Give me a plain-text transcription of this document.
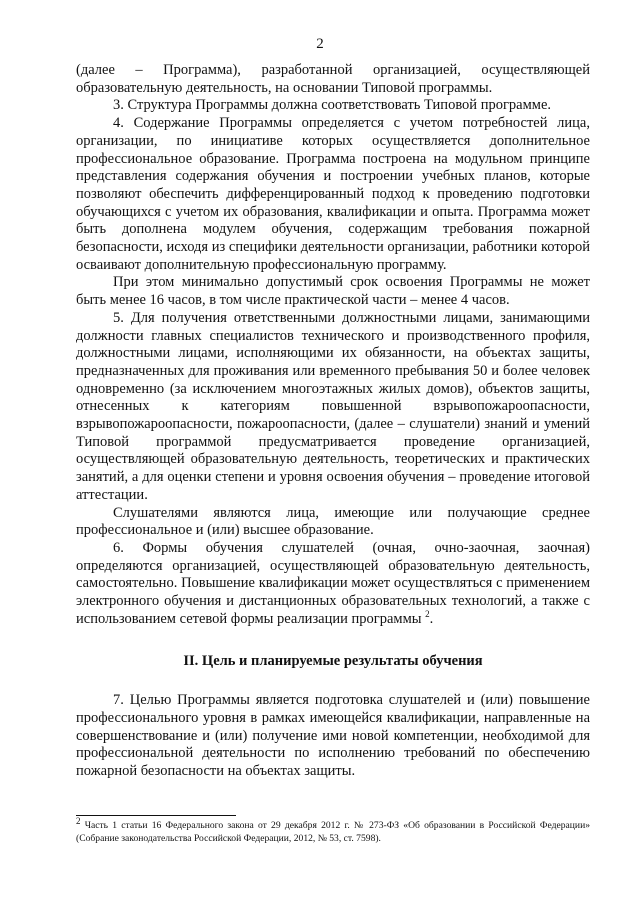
2

(далее – Программа), разработанной организацией, осуществляющей образовательную деятельность, на основании Типовой программы.

3. Структура Программы должна соответствовать Типовой программе.

4. Содержание Программы определяется с учетом потребностей лица, организации, по инициативе которых осуществляется дополнительное профессиональное образование. Программа построена на модульном принципе представления содержания обучения и построении учебных планов, которые позволяют обеспечить дифференцированный подход к проведению подготовки обучающихся с учетом их образования, квалификации и опыта. Программа может быть дополнена модулем обучения, содержащим требования пожарной безопасности, исходя из специфики деятельности организации, работники которой осваивают дополнительную профессиональную программу.

При этом минимально допустимый срок освоения Программы не может быть менее 16 часов, в том числе практической части – менее 4 часов.

5. Для получения ответственными должностными лицами, занимающими должности главных специалистов технического и производственного профиля, должностными лицами, исполняющими их обязанности, на объектах защиты, предназначенных для проживания или временного пребывания 50 и более человек одновременно (за исключением многоэтажных жилых домов), объектов защиты, отнесенных к категориям повышенной взрывопожароопасности, взрывопожароопасности, пожароопасности, (далее – слушатели) знаний и умений Типовой программой предусматривается проведение организацией, осуществляющей образовательную деятельность, теоретических и практических занятий, а для оценки степени и уровня освоения обучения – проведение итоговой аттестации.

Слушателями являются лица, имеющие или получающие среднее профессиональное и (или) высшее образование.

6. Формы обучения слушателей (очная, очно-заочная, заочная) определяются организацией, осуществляющей образовательную деятельность, самостоятельно. Повышение квалификации может осуществляться с применением электронного обучения и дистанционных образовательных технологий, а также с использованием сетевой формы реализации программы $^2$.

II. Цель и планируемые результаты обучения

7. Целью Программы является подготовка слушателей и (или) повышение профессионального уровня в рамках имеющейся квалификации, направленные на совершенствование и (или) получение ими новой компетенции, необходимой для профессиональной деятельности по исполнению требований по обеспечению пожарной безопасности на объектах защиты.

$^2$ Часть 1 статьи 16 Федерального закона от 29 декабря 2012 г. № 273-ФЗ «Об образовании в Российской Федерации» (Собрание законодательства Российской Федерации, 2012, № 53, ст. 7598).
